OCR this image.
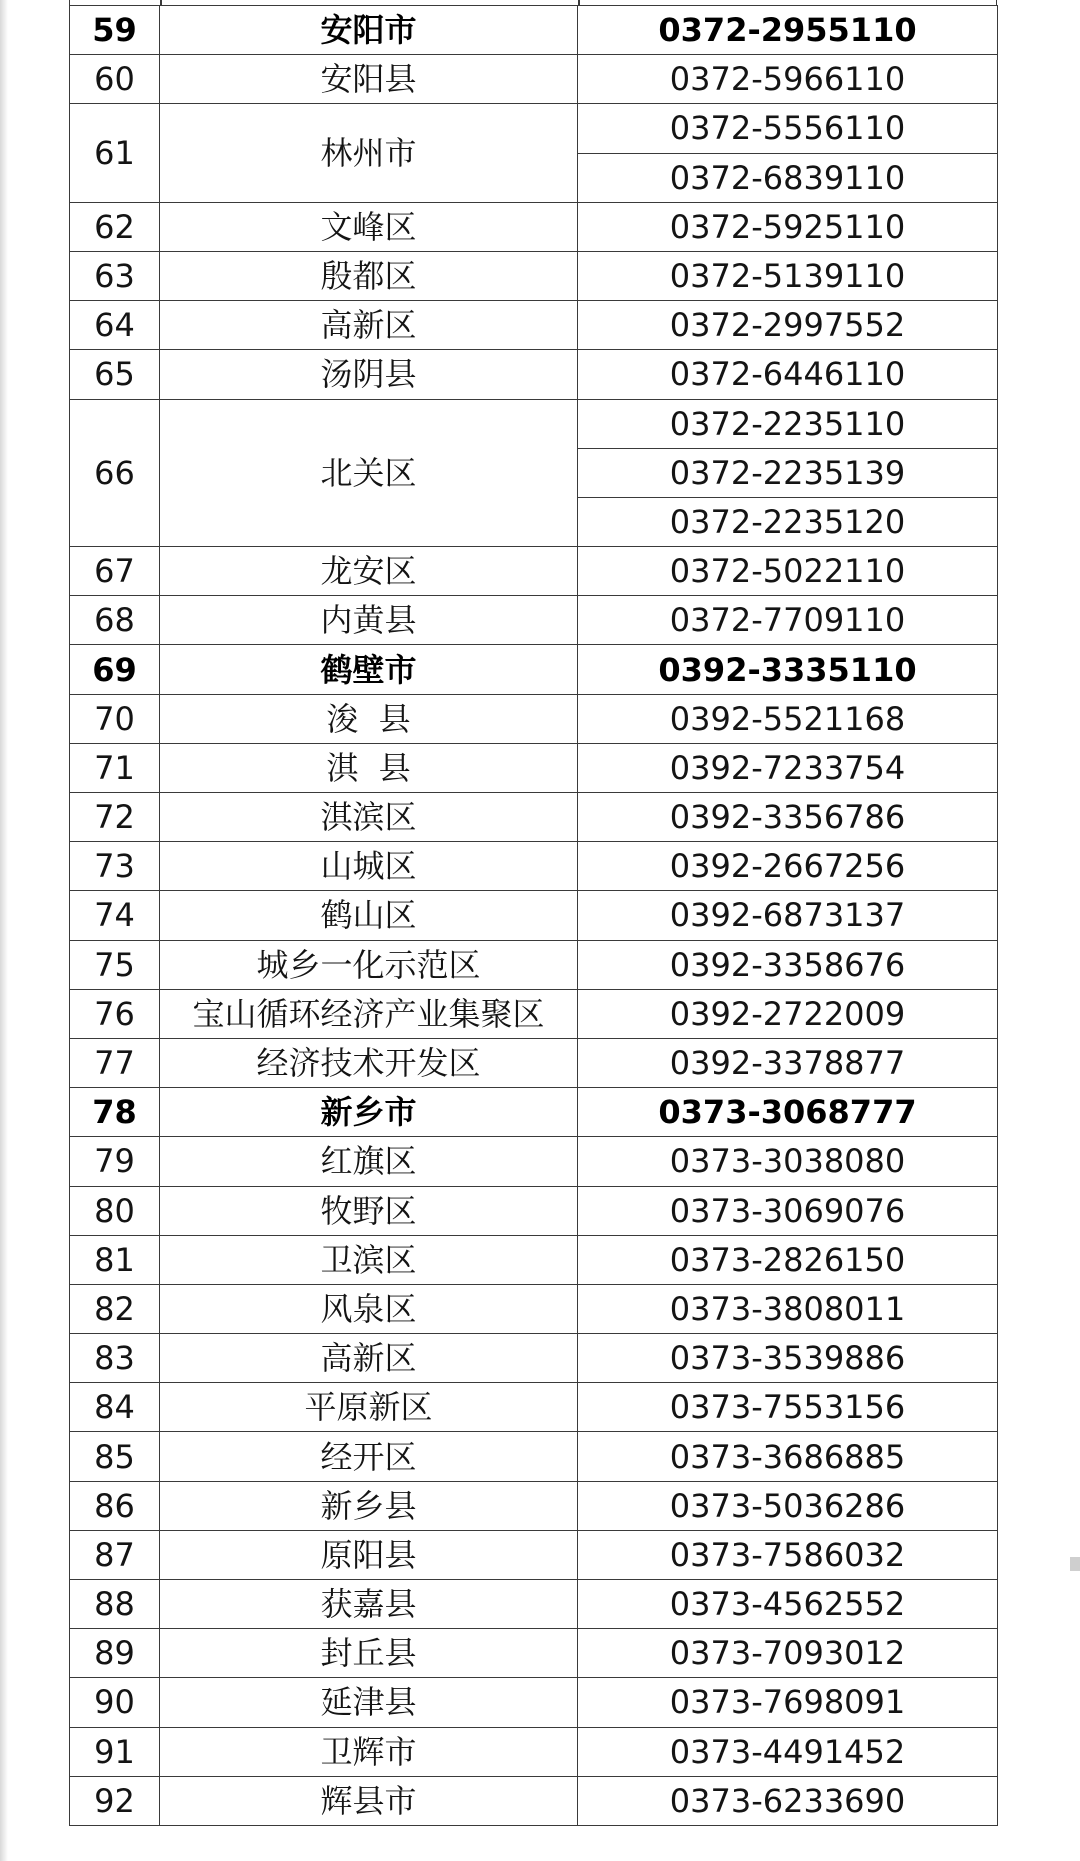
59	安阳市	0372-2955110
60	安阳县	0372-5966110
61	林州市	0372-5556110
		0372-6839110
62	文峰区	0372-5925110
63	殷都区	0372-5139110
64	高新区	0372-2997552
65	汤阴县	0372-6446110
66	北关区	0372-2235110
		0372-2235139
		0372-2235120
67	龙安区	0372-5022110
68	内黄县	0372-7709110
69	鹤壁市	0392-3335110
70	浚  县	0392-5521168
71	淇  县	0392-7233754
72	淇滨区	0392-3356786
73	山城区	0392-2667256
74	鹤山区	0392-6873137
75	城乡一化示范区	0392-3358676
76	宝山循环经济产业集聚区	0392-2722009
77	经济技术开发区	0392-3378877
78	新乡市	0373-3068777
79	红旗区	0373-3038080
80	牧野区	0373-3069076
81	卫滨区	0373-2826150
82	风泉区	0373-3808011
83	高新区	0373-3539886
84	平原新区	0373-7553156
85	经开区	0373-3686885
86	新乡县	0373-5036286
87	原阳县	0373-7586032
88	获嘉县	0373-4562552
89	封丘县	0373-7093012
90	延津县	0373-7698091
91	卫辉市	0373-4491452
92	辉县市	0373-6233690
